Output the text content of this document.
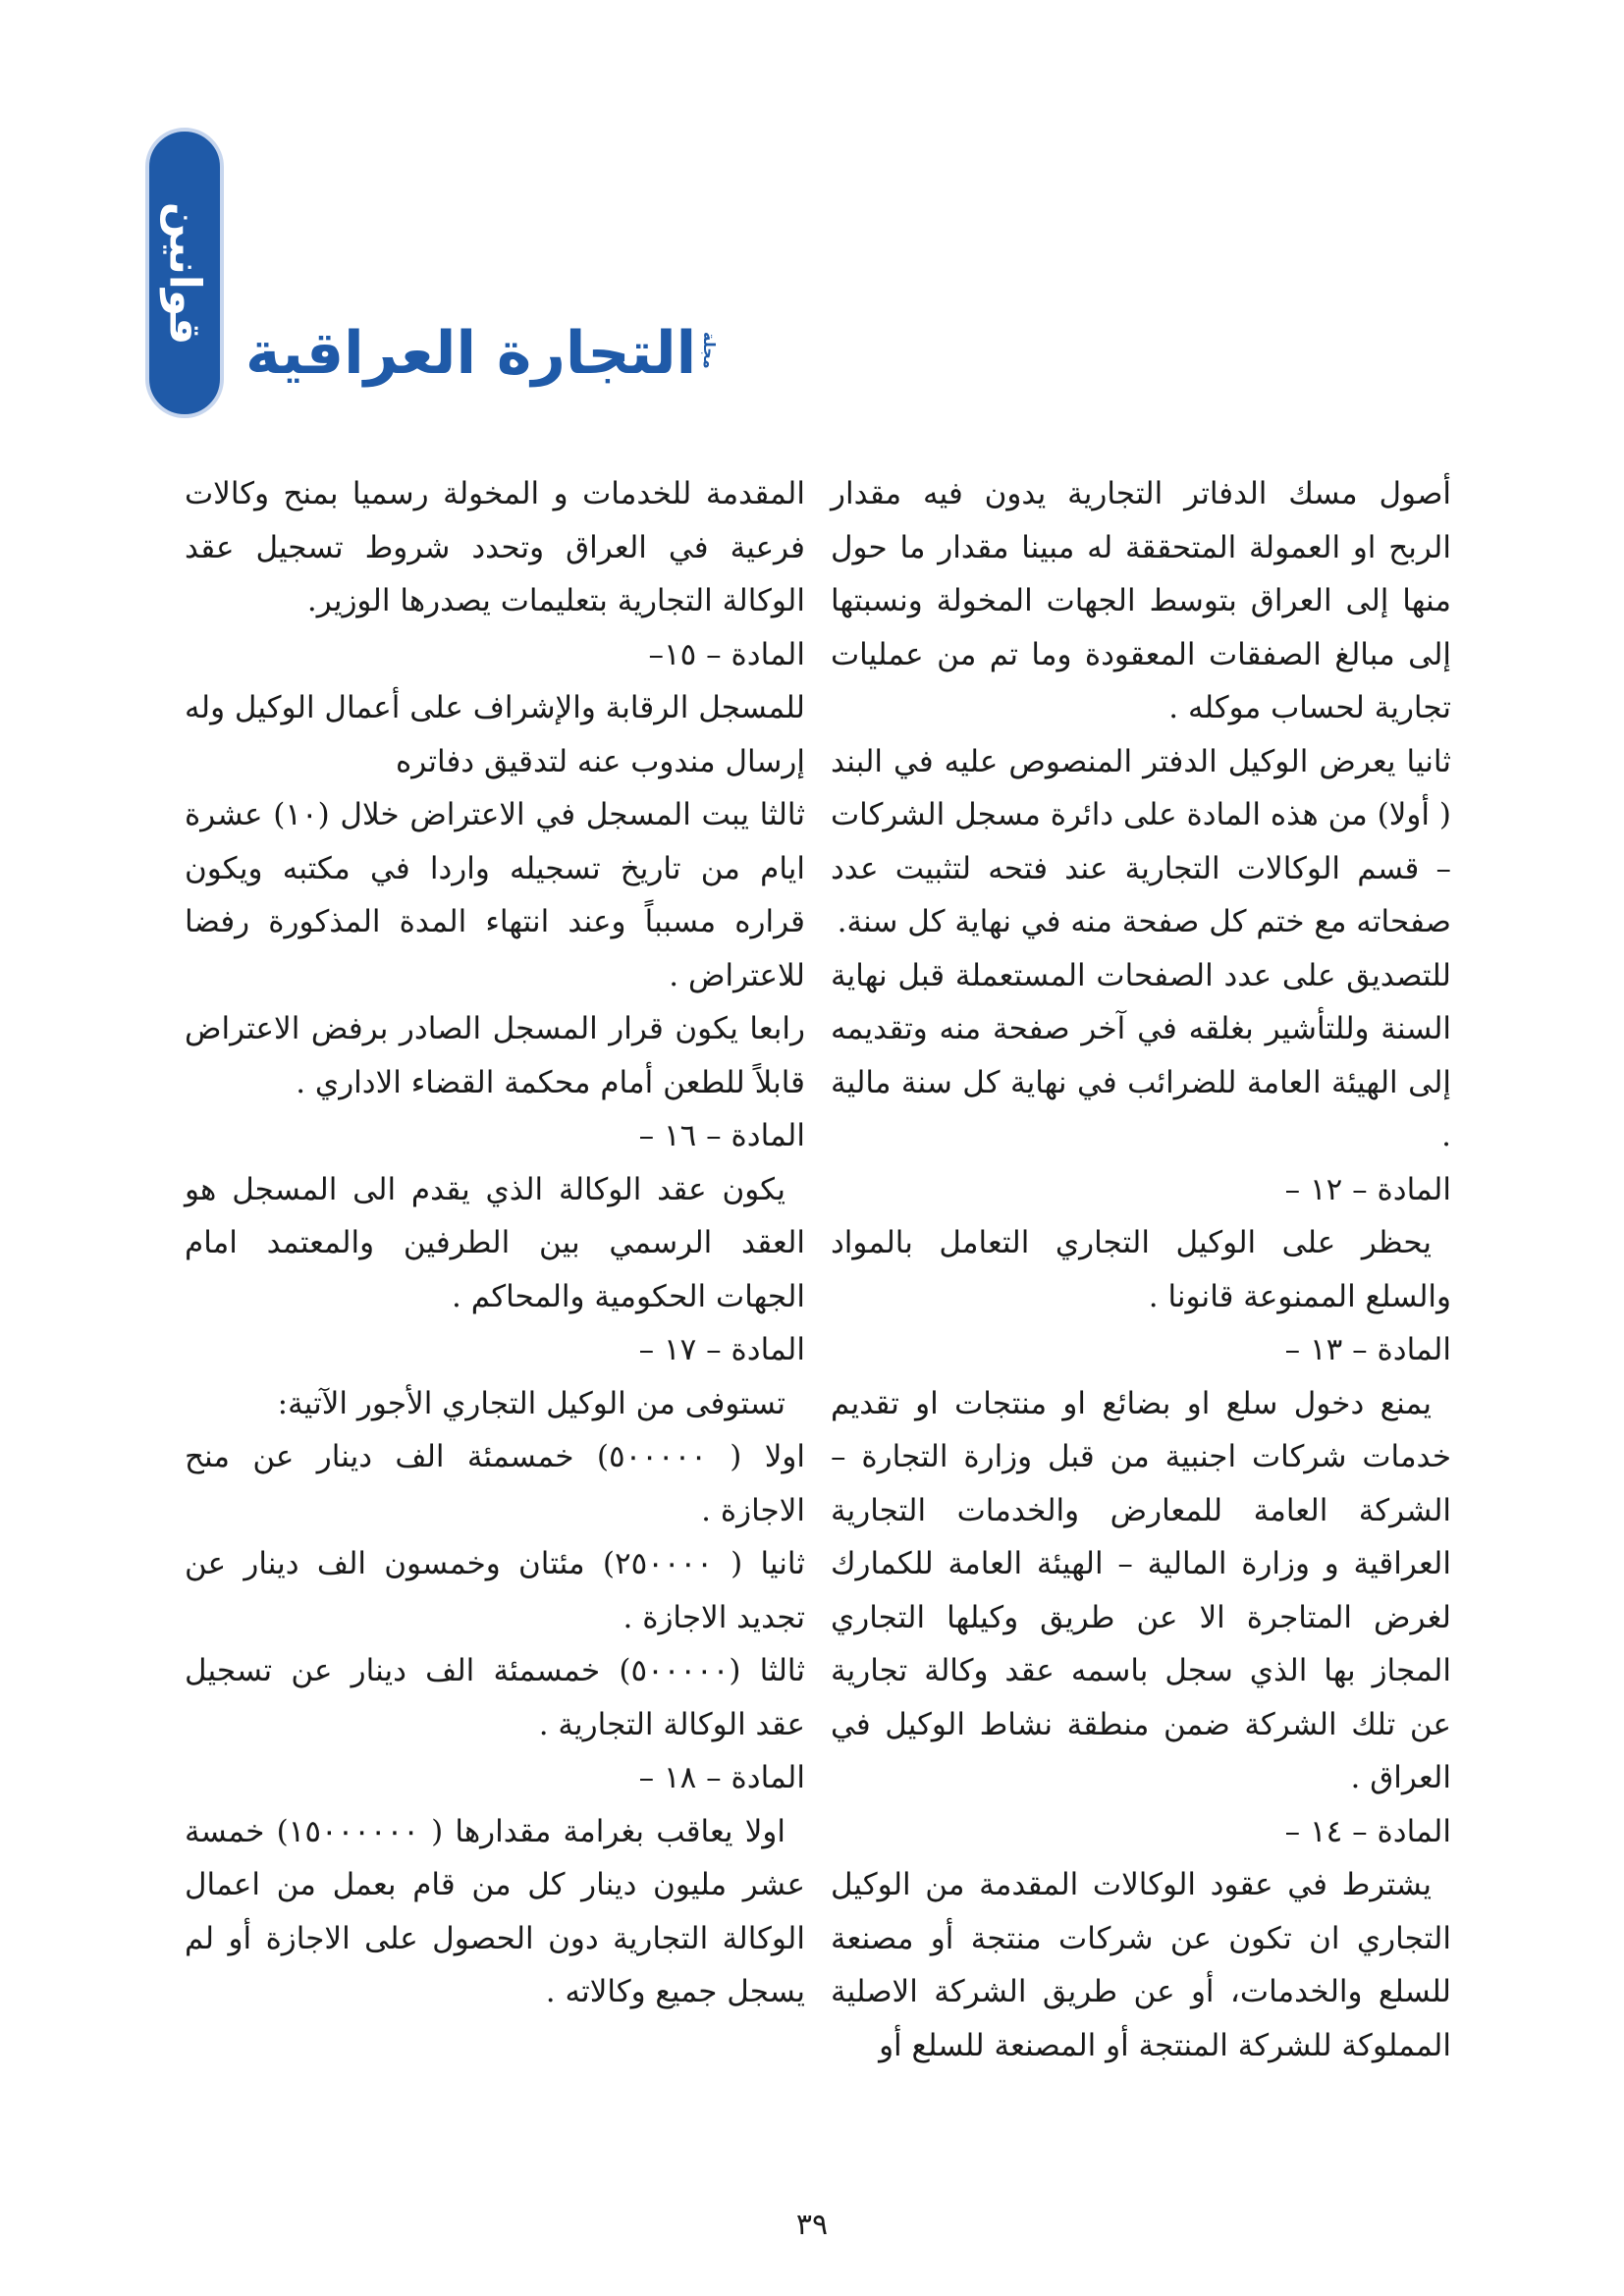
قوانين
مجلة
التجارة العراقية

أصول مسك الدفاتر التجارية يدون فيه مقدار الربح او العمولة المتحققة له مبينا مقدار ما حول منها إلى العراق بتوسط الجهات المخولة ونسبتها إلى مبالغ الصفقات المعقودة وما تم من عمليات تجارية لحساب موكله .

ثانيا يعرض الوكيل الدفتر المنصوص عليه في البند ( أولا) من هذه المادة على دائرة مسجل الشركات – قسم الوكالات التجارية عند فتحه لتثبيت عدد صفحاته مع ختم كل صفحة منه في نهاية كل سنة.

للتصديق على عدد الصفحات المستعملة قبل نهاية السنة وللتأشير بغلقه في آخر صفحة منه وتقديمه إلى الهيئة العامة للضرائب في نهاية كل سنة مالية .

المادة – ١٢ –

يحظر على الوكيل التجاري التعامل بالمواد والسلع الممنوعة قانونا .

المادة – ١٣ –

يمنع دخول سلع او بضائع او منتجات او تقديم خدمات شركات اجنبية من قبل وزارة التجارة – الشركة العامة للمعارض والخدمات التجارية العراقية و وزارة المالية – الهيئة العامة للكمارك لغرض المتاجرة الا عن طريق وكيلها التجاري المجاز بها الذي سجل باسمه عقد وكالة تجارية عن تلك الشركة ضمن منطقة نشاط الوكيل في العراق .

المادة – ١٤ –

يشترط في عقود الوكالات المقدمة من الوكيل التجاري ان تكون عن شركات منتجة أو مصنعة للسلع والخدمات، أو عن طريق الشركة الاصلية المملوكة للشركة المنتجة أو المصنعة للسلع أو

المقدمة للخدمات و المخولة رسميا بمنح وكالات فرعية في العراق وتحدد شروط تسجيل عقد الوكالة التجارية بتعليمات يصدرها الوزير.

المادة – ١٥–

للمسجل الرقابة والإشراف على أعمال الوكيل وله إرسال مندوب عنه لتدقيق دفاتره

ثالثا يبت المسجل في الاعتراض خلال (١٠) عشرة ايام من تاريخ تسجيله واردا في مكتبه ويكون قراره مسبباً وعند انتهاء المدة المذكورة رفضا للاعتراض .

رابعا يكون قرار المسجل الصادر برفض الاعتراض قابلاً للطعن أمام محكمة القضاء الاداري .

المادة – ١٦ –

يكون عقد الوكالة الذي يقدم الى المسجل هو العقد الرسمي بين الطرفين والمعتمد امام الجهات الحكومية والمحاكم .

المادة – ١٧ –

تستوفى من الوكيل التجاري الأجور الآتية:

اولا ( ٥٠٠٠٠٠) خمسمئة الف دينار عن منح الاجازة .

ثانيا ( ٢٥٠٠٠٠) مئتان وخمسون الف دينار عن تجديد الاجازة .

ثالثا (٥٠٠٠٠٠) خمسمئة الف دينار عن تسجيل عقد الوكالة التجارية .

المادة – ١٨ –

اولا يعاقب بغرامة مقدارها ( ١٥٠٠٠٠٠٠) خمسة عشر مليون دينار كل من قام بعمل من اعمال الوكالة التجارية دون الحصول على الاجازة أو لم يسجل جميع وكالاته .

٣٩
